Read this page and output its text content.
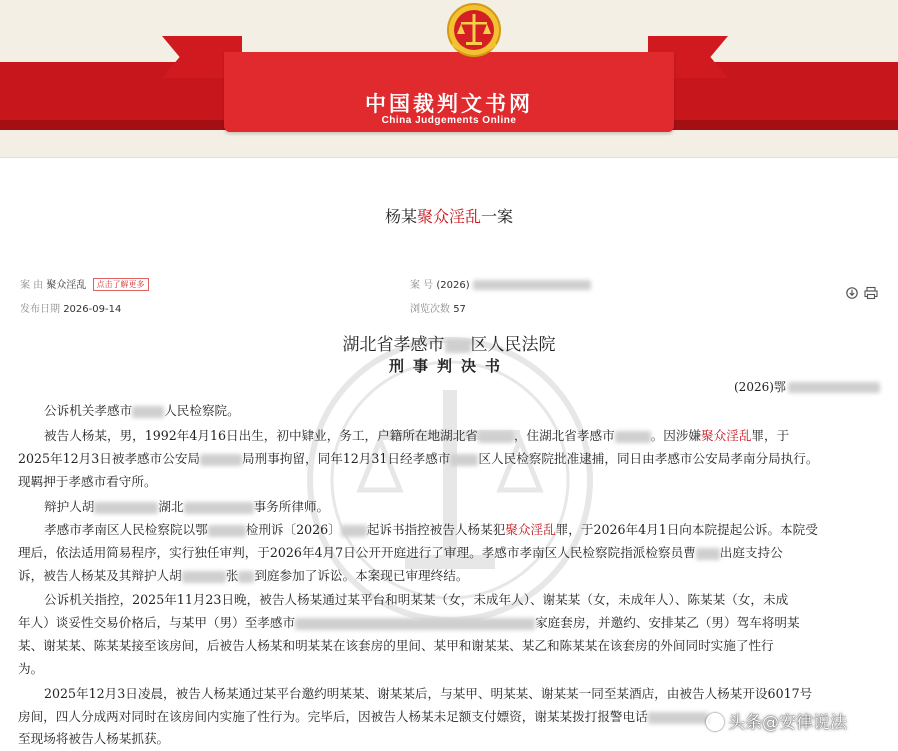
中国裁判文书网
China Judgements Online
杨某聚众淫乱一案
案 由 聚众淫乱 点击了解更多
发布日期 2026-09-14
案 号 (2026)
浏览次数 57
湖北省孝感市 区人民法院
刑事判决书
(2026)鄂
公诉机关孝感市	人民检察院。
被告人杨某，男，1992年4月16日出生，初中肄业，务工，户籍所在地湖北省	，住湖北省孝感市	。因涉嫌聚众淫乱罪，于
2025年12月3日被孝感市公安局	局刑事拘留，同年12月31日经孝感市 区人民检察院批准逮捕，同日由孝感市公安局孝南分局执行。
现羁押于孝感市看守所。
辩护人胡	湖北	事务所律师。
孝感市孝南区人民检察院以鄂	检刑诉〔2026〕 起诉书指控被告人杨某犯聚众淫乱罪，于2026年4月1日向本院提起公诉。本院受
理后，依法适用简易程序，实行独任审判，于2026年4月7日公开开庭进行了审理。孝感市孝南区人民检察院指派检察员曹 出庭支持公
诉，被告人杨某及其辩护人胡	张 到庭参加了诉讼。本案现已审理终结。
公诉机关指控，2025年11月23日晚，被告人杨某通过某平台和明某某（女，未成年人）、谢某某（女，未成年人）、陈某某（女，未成
年人）谈妥性交易价格后，与某甲（男）至孝感市	家庭套房，并邀约、安排某乙（男）驾车将明某
某、谢某某、陈某某接至该房间，后被告人杨某和明某某在该套房的里间、某甲和谢某某、某乙和陈某某在该套房的外间同时实施了性行
为。
2025年12月3日凌晨，被告人杨某通过某平台邀约明某某、谢某某后，与某甲、明某某、谢某某一同至某酒店，由被告人杨某开设6017号
房间，四人分成两对同时在该房间内实施了性行为。完毕后，因被告人杨某未足额支付嫖资，谢某某拨打报警电话
至现场将被告人杨某抓获。
头条@安律说法
